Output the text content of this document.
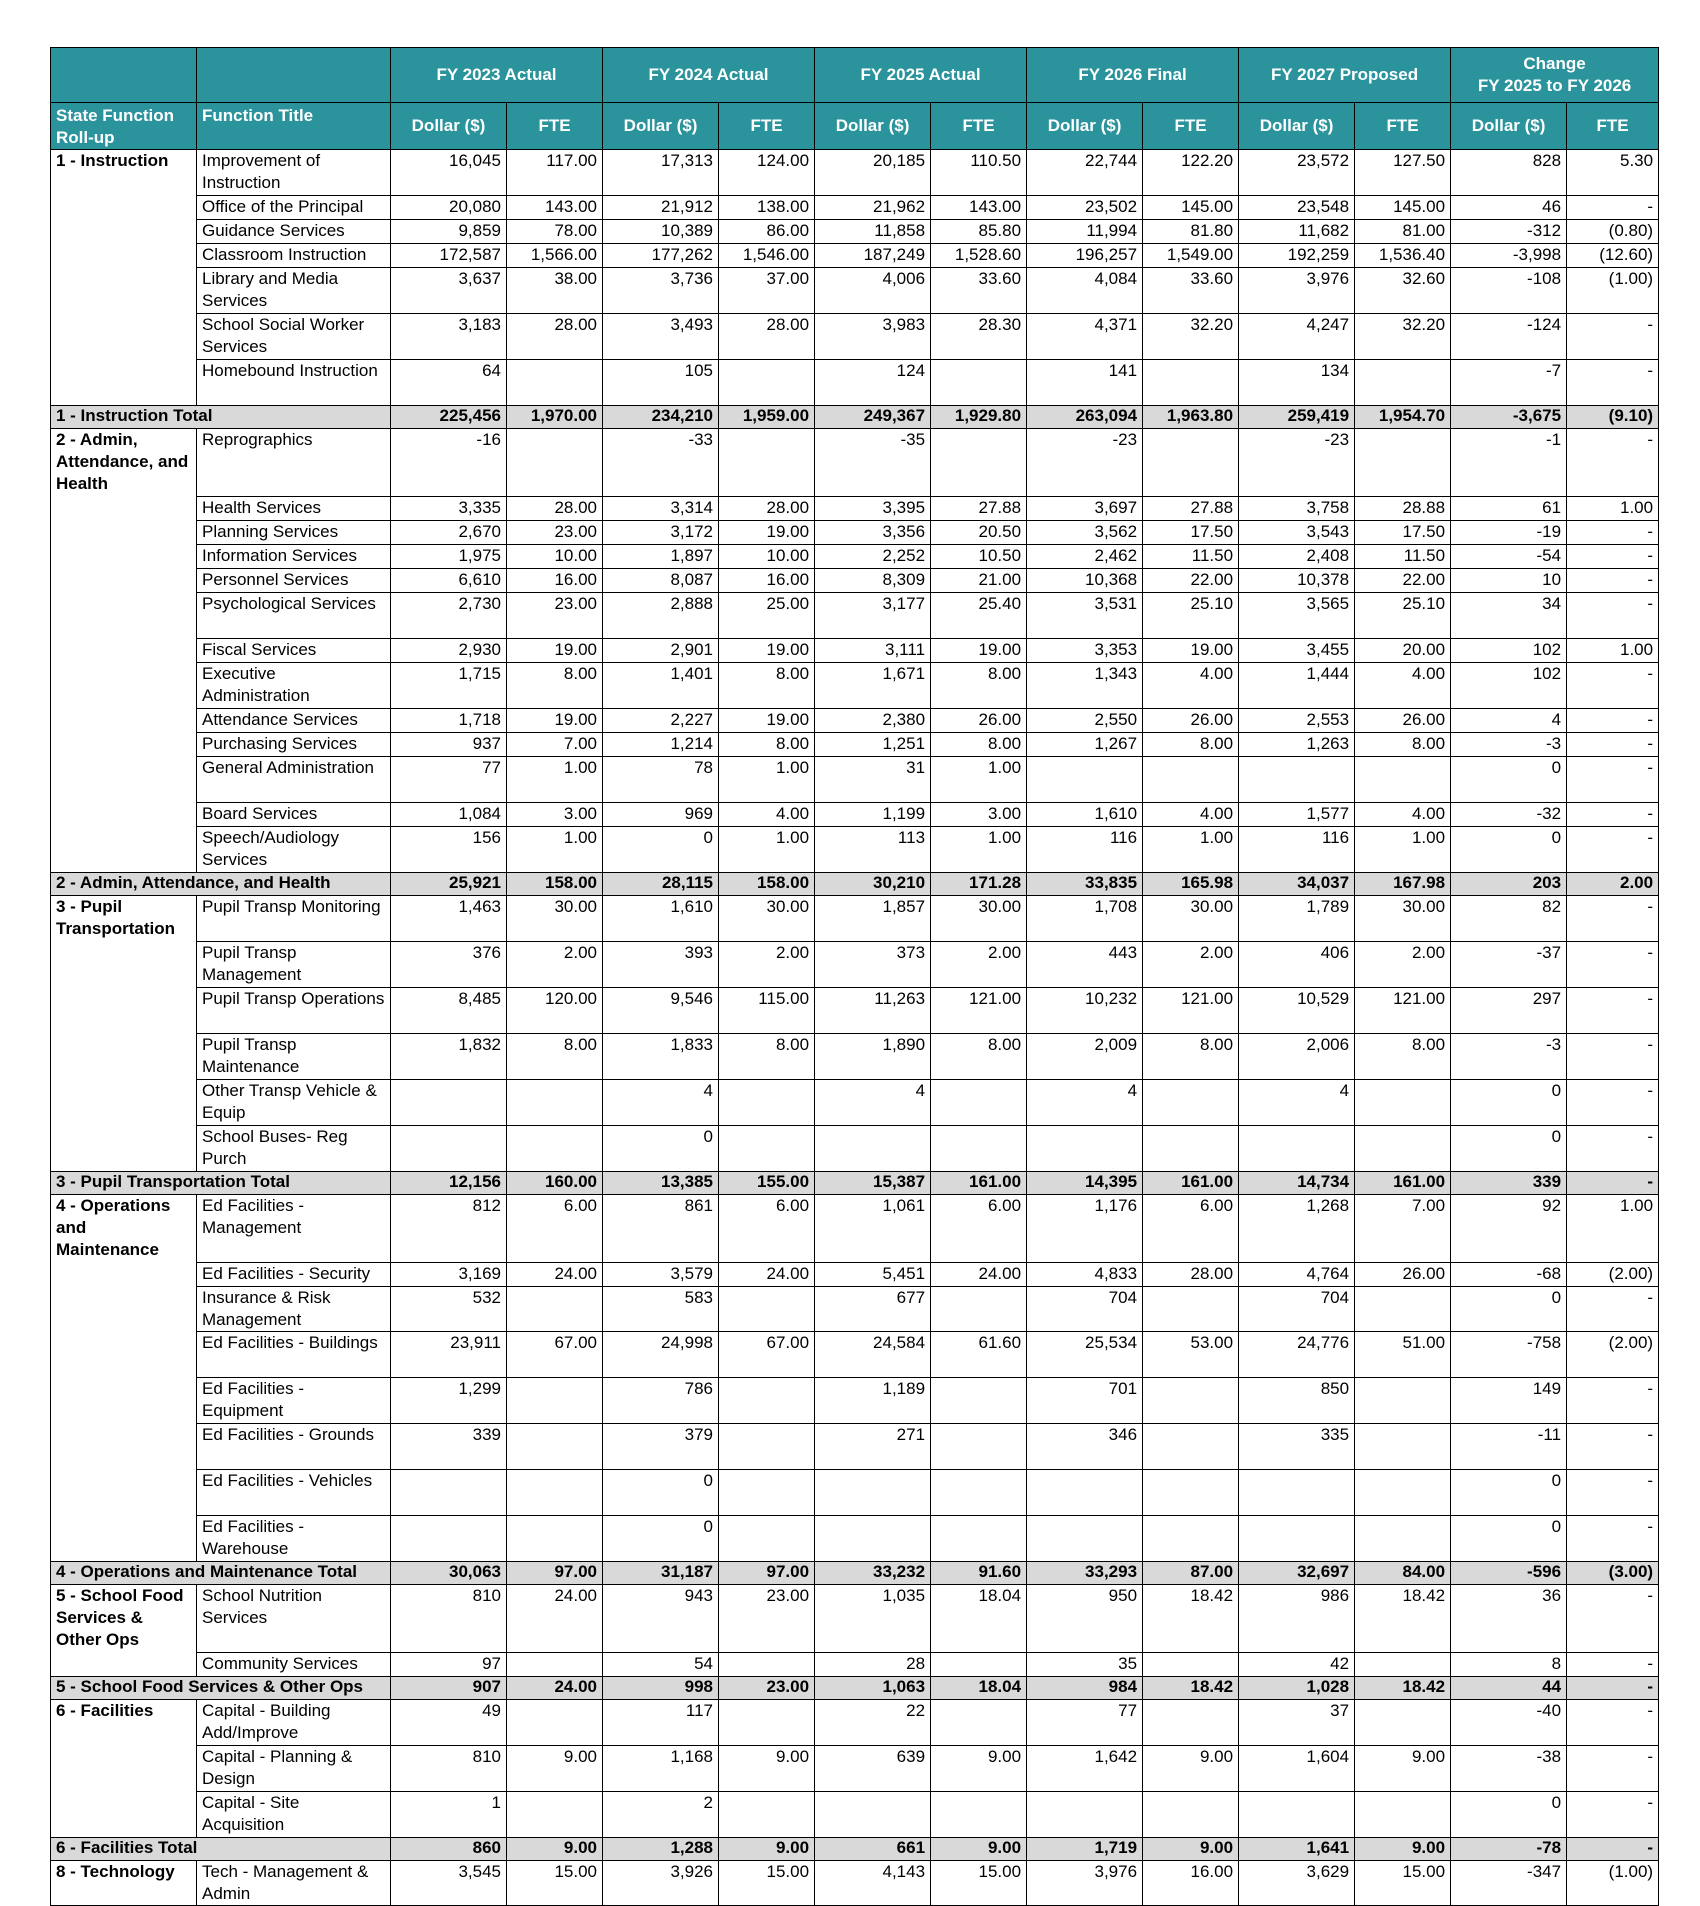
		FY 2023 Actual		FY 2024 Actual		FY 2025 Actual		FY 2026 Final		FY 2027 Proposed		Change
FY 2025 to FY 2026	
State Function Roll-up	Function Title	Dollar ($)	FTE	Dollar ($)	FTE	Dollar ($)	FTE	Dollar ($)	FTE	Dollar ($)	FTE	Dollar ($)	FTE
1 - Instruction	Improvement of Instruction	16,045	117.00	17,313	124.00	20,185	110.50	22,744	122.20	23,572	127.50	828	5.30
	Office of the Principal	20,080	143.00	21,912	138.00	21,962	143.00	23,502	145.00	23,548	145.00	46	-
	Guidance Services	9,859	78.00	10,389	86.00	11,858	85.80	11,994	81.80	11,682	81.00	-312	(0.80)
	Classroom Instruction	172,587	1,566.00	177,262	1,546.00	187,249	1,528.60	196,257	1,549.00	192,259	1,536.40	-3,998	(12.60)
	Library and Media Services	3,637	38.00	3,736	37.00	4,006	33.60	4,084	33.60	3,976	32.60	-108	(1.00)
	School Social Worker Services	3,183	28.00	3,493	28.00	3,983	28.30	4,371	32.20	4,247	32.20	-124	-
	Homebound Instruction	64		105		124		141		134		-7	-
1 - Instruction Total		225,456	1,970.00	234,210	1,959.00	249,367	1,929.80	263,094	1,963.80	259,419	1,954.70	-3,675	(9.10)
2 - Admin, Attendance, and Health	Reprographics	-16		-33		-35		-23		-23		-1	-
	Health Services	3,335	28.00	3,314	28.00	3,395	27.88	3,697	27.88	3,758	28.88	61	1.00
	Planning Services	2,670	23.00	3,172	19.00	3,356	20.50	3,562	17.50	3,543	17.50	-19	-
	Information Services	1,975	10.00	1,897	10.00	2,252	10.50	2,462	11.50	2,408	11.50	-54	-
	Personnel Services	6,610	16.00	8,087	16.00	8,309	21.00	10,368	22.00	10,378	22.00	10	-
	Psychological Services	2,730	23.00	2,888	25.00	3,177	25.40	3,531	25.10	3,565	25.10	34	-
	Fiscal Services	2,930	19.00	2,901	19.00	3,111	19.00	3,353	19.00	3,455	20.00	102	1.00
	Executive Administration	1,715	8.00	1,401	8.00	1,671	8.00	1,343	4.00	1,444	4.00	102	-
	Attendance Services	1,718	19.00	2,227	19.00	2,380	26.00	2,550	26.00	2,553	26.00	4	-
	Purchasing Services	937	7.00	1,214	8.00	1,251	8.00	1,267	8.00	1,263	8.00	-3	-
	General Administration	77	1.00	78	1.00	31	1.00					0	-
	Board Services	1,084	3.00	969	4.00	1,199	3.00	1,610	4.00	1,577	4.00	-32	-
	Speech/Audiology Services	156	1.00	0	1.00	113	1.00	116	1.00	116	1.00	0	-
2 - Admin, Attendance, and Health		25,921	158.00	28,115	158.00	30,210	171.28	33,835	165.98	34,037	167.98	203	2.00
3 - Pupil Transportation	Pupil Transp Monitoring	1,463	30.00	1,610	30.00	1,857	30.00	1,708	30.00	1,789	30.00	82	-
	Pupil Transp Management	376	2.00	393	2.00	373	2.00	443	2.00	406	2.00	-37	-
	Pupil Transp Operations	8,485	120.00	9,546	115.00	11,263	121.00	10,232	121.00	10,529	121.00	297	-
	Pupil Transp Maintenance	1,832	8.00	1,833	8.00	1,890	8.00	2,009	8.00	2,006	8.00	-3	-
	Other Transp Vehicle & Equip			4		4		4		4		0	-
	School Buses- Reg Purch			0								0	-
3 - Pupil Transportation Total		12,156	160.00	13,385	155.00	15,387	161.00	14,395	161.00	14,734	161.00	339	-
4 - Operations and Maintenance	Ed Facilities - Management	812	6.00	861	6.00	1,061	6.00	1,176	6.00	1,268	7.00	92	1.00
	Ed Facilities - Security	3,169	24.00	3,579	24.00	5,451	24.00	4,833	28.00	4,764	26.00	-68	(2.00)
	Insurance & Risk Management	532		583		677		704		704		0	-
	Ed Facilities - Buildings	23,911	67.00	24,998	67.00	24,584	61.60	25,534	53.00	24,776	51.00	-758	(2.00)
	Ed Facilities - Equipment	1,299		786		1,189		701		850		149	-
	Ed Facilities - Grounds	339		379		271		346		335		-11	-
	Ed Facilities - Vehicles			0								0	-
	Ed Facilities - Warehouse			0								0	-
4 - Operations and Maintenance Total		30,063	97.00	31,187	97.00	33,232	91.60	33,293	87.00	32,697	84.00	-596	(3.00)
5 - School Food Services & Other Ops	School Nutrition Services	810	24.00	943	23.00	1,035	18.04	950	18.42	986	18.42	36	-
	Community Services	97		54		28		35		42		8	-
5 - School Food Services & Other Ops		907	24.00	998	23.00	1,063	18.04	984	18.42	1,028	18.42	44	-
6 - Facilities	Capital - Building Add/Improve	49		117		22		77		37		-40	-
	Capital - Planning & Design	810	9.00	1,168	9.00	639	9.00	1,642	9.00	1,604	9.00	-38	-
	Capital - Site Acquisition	1		2								0	-
6 - Facilities Total		860	9.00	1,288	9.00	661	9.00	1,719	9.00	1,641	9.00	-78	-
8 - Technology	Tech - Management & Admin	3,545	15.00	3,926	15.00	4,143	15.00	3,976	16.00	3,629	15.00	-347	(1.00)
